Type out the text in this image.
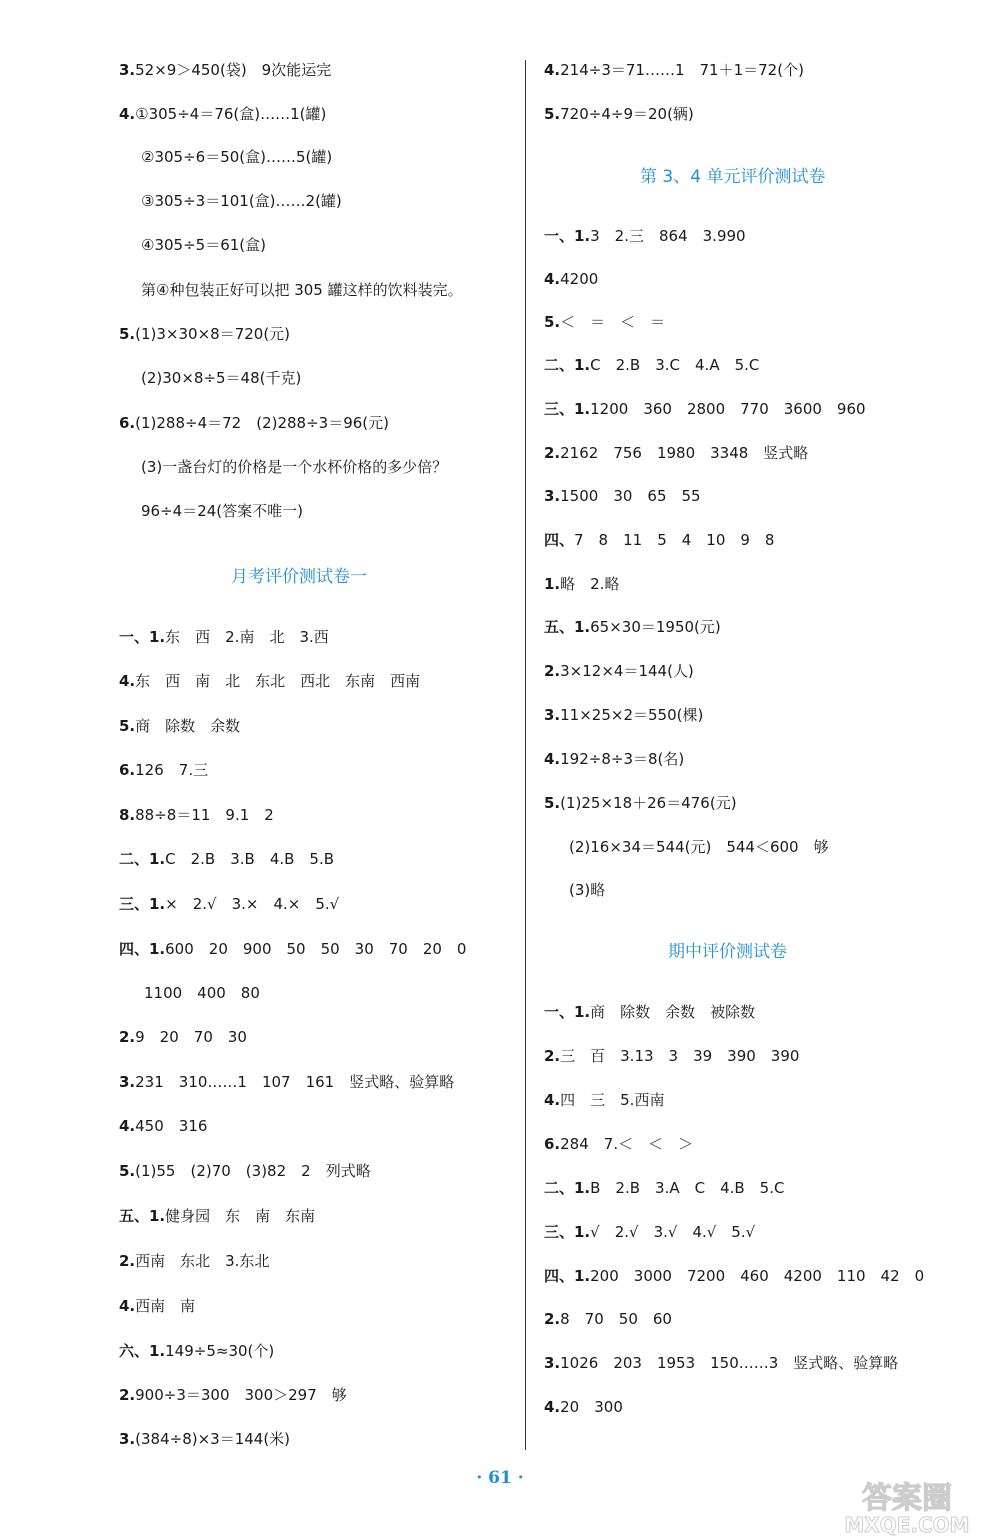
3.52×9＞450(袋)　9次能运完
4.①305÷4＝76(盒)……1(罐)
②305÷6＝50(盒)……5(罐)
③305÷3＝101(盒)……2(罐)
④305÷5＝61(盒)
第④种包装正好可以把 305 罐这样的饮料装完。
5.(1)3×30×8＝720(元)
(2)30×8÷5＝48(千克)
6.(1)288÷4＝72　(2)288÷3＝96(元)
(3)一盏台灯的价格是一个水杯价格的多少倍？
96÷4＝24(答案不唯一)
月考评价测试卷一
一、1.东　西　2.南　北　3.西
4.东　西　南　北　东北　西北　东南　西南
5.商　除数　余数
6.126　7.三
8.88÷8＝11　9.1　2
二、1.C　2.B　3.B　4.B　5.B
三、1.×　2.√　3.×　4.×　5.√
四、1.600　20　900　50　50　30　70　20　0
1100　400　80
2.9　20　70　30
3.231　310……1　107　161　竖式略、验算略
4.450　316
5.(1)55　(2)70　(3)82　2　列式略
五、1.健身园　东　南　东南
2.西南　东北　3.东北
4.西南　南
六、1.149÷5≈30(个)
2.900÷3＝300　300＞297　够
3.(384÷8)×3＝144(米)
4.214÷3＝71……1　71＋1＝72(个)
5.720÷4÷9＝20(辆)
第 3、4 单元评价测试卷
一、1.3　2.三　864　3.990
4.4200
5.＜　＝　＜　＝
二、1.C　2.B　3.C　4.A　5.C
三、1.1200　360　2800　770　3600　960
2.2162　756　1980　3348　竖式略
3.1500　30　65　55
四、7　8　11　5　4　10　9　8
1.略　2.略
五、1.65×30＝1950(元)
2.3×12×4＝144(人)
3.11×25×2＝550(棵)
4.192÷8÷3＝8(名)
5.(1)25×18＋26＝476(元)
(2)16×34＝544(元)　544＜600　够
(3)略
期中评价测试卷
一、1.商　除数　余数　被除数
2.三　百　3.13　3　39　390　390
4.四　三　5.西南
6.284　7.＜　＜　＞
二、1.B　2.B　3.A　C　4.B　5.C
三、1.√　2.√　3.√　4.√　5.√
四、1.200　3000　7200　460　4200　110　42　0
2.8　70　50　60
3.1026　203　1953　150……3　竖式略、验算略
4.20　300
· 61 ·
答案圈
MXQE.COM
